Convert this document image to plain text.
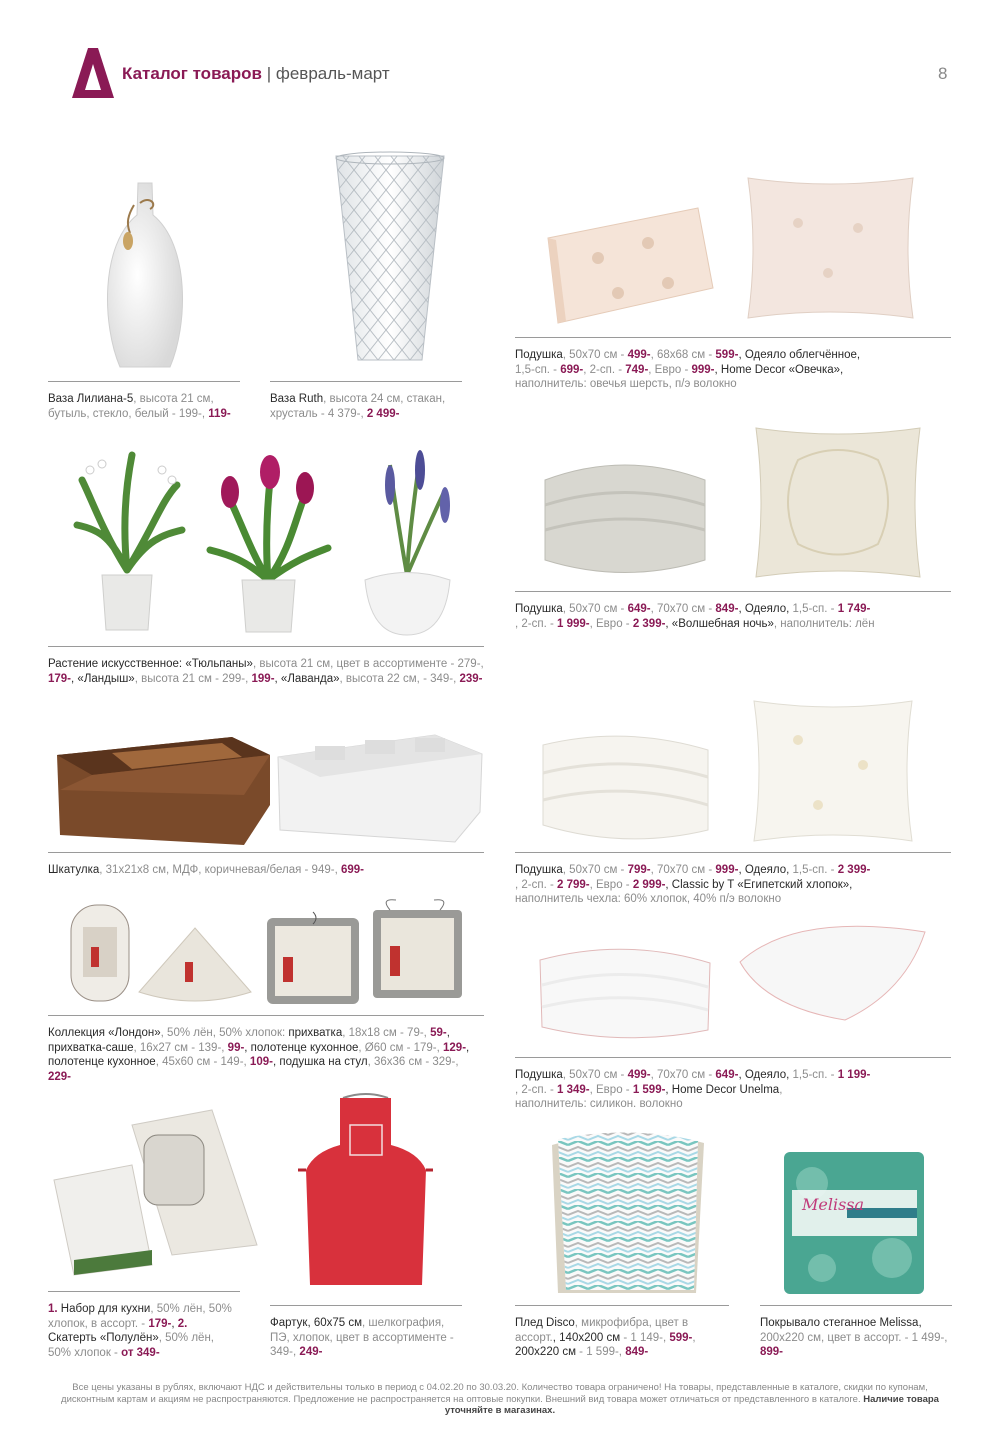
Каталог товаров | февраль-март	8
Ваза Лилиана-5, высота 21 см, бутыль, стекло, белый - 199-, 119-
Ваза Ruth, высота 24 см, стакан, хрусталь - 4 379-, 2 499-
Подушка, 50х70 см - 499-, 68х68 см - 599-, Одеяло облегчённое,
1,5-сп. - 699-, 2-сп. - 749-, Евро - 999-, Home Decor «Овечка»,
наполнитель: овечья шерсть, п/э волокно
Растение искусственное: «Тюльпаны», высота 21 см, цвет в ассортименте - 279-, 179-, «Ландыш», высота 21 см - 299-, 199-, «Лаванда», высота 22 см, - 349-, 239-
Подушка, 50х70 см - 649-, 70х70 см - 849-, Одеяло, 1,5-сп. - 1 749-
, 2-сп. - 1 999-, Евро - 2 399-, «Волшебная ночь», наполнитель: лён
Шкатулка, 31х21х8 см, МДФ, коричневая/белая - 949-, 699-	Подушка, 50х70 см - 799-, 70х70 см - 999-, Одеяло, 1,5-сп. - 2 399-
, 2-сп. - 2 799-, Евро - 2 999-, Classic by T «Египетский хлопок»,
наполнитель чехла: 60% хлопок, 40% п/э волокно
Коллекция «Лондон», 50% лён, 50% хлопок: прихватка, 18х18 см - 79-, 59-, прихватка-саше, 16х27 см - 139-, 99-, полотенце кухонное, Ø60 см - 179-, 129-, полотенце кухонное, 45х60 см - 149-, 109-, подушка на стул, 36х36 см - 329-, 229-	Подушка, 50х70 см - 499-, 70х70 см - 649-, Одеяло, 1,5-сп. - 1 199-
, 2-сп. - 1 349-, Евро - 1 599-, Home Decor Unelma,
наполнитель: силикон. волокно
1. Набор для кухни, 50% лён, 50% хлопок, в ассорт. - 179-, 2. Скатерть «Полулён», 50% лён, 50% хлопок - от 349-
Фартук, 60х75 см, шелкография, ПЭ, хлопок, цвет в ассортименте - 349-, 249-
Плед Disco, микрофибра, цвет в ассорт., 140х200 см - 1 149-, 599-,
200х220 см - 1 599-, 849-
Melissa
Покрывало стеганное Melissa,
200х220 см, цвет в ассорт. - 1 499-, 899-
Все цены указаны в рублях, включают НДС и действительны только в период с 04.02.20 по 30.03.20. Количество товара ограничено! На товары, представленные в каталоге, скидки по купонам, дисконтным картам и акциям не распространяются. Предложение не распространяется на оптовые покупки. Внешний вид товара может отличаться от представленного в каталоге. Наличие товара уточняйте в магазинах.
